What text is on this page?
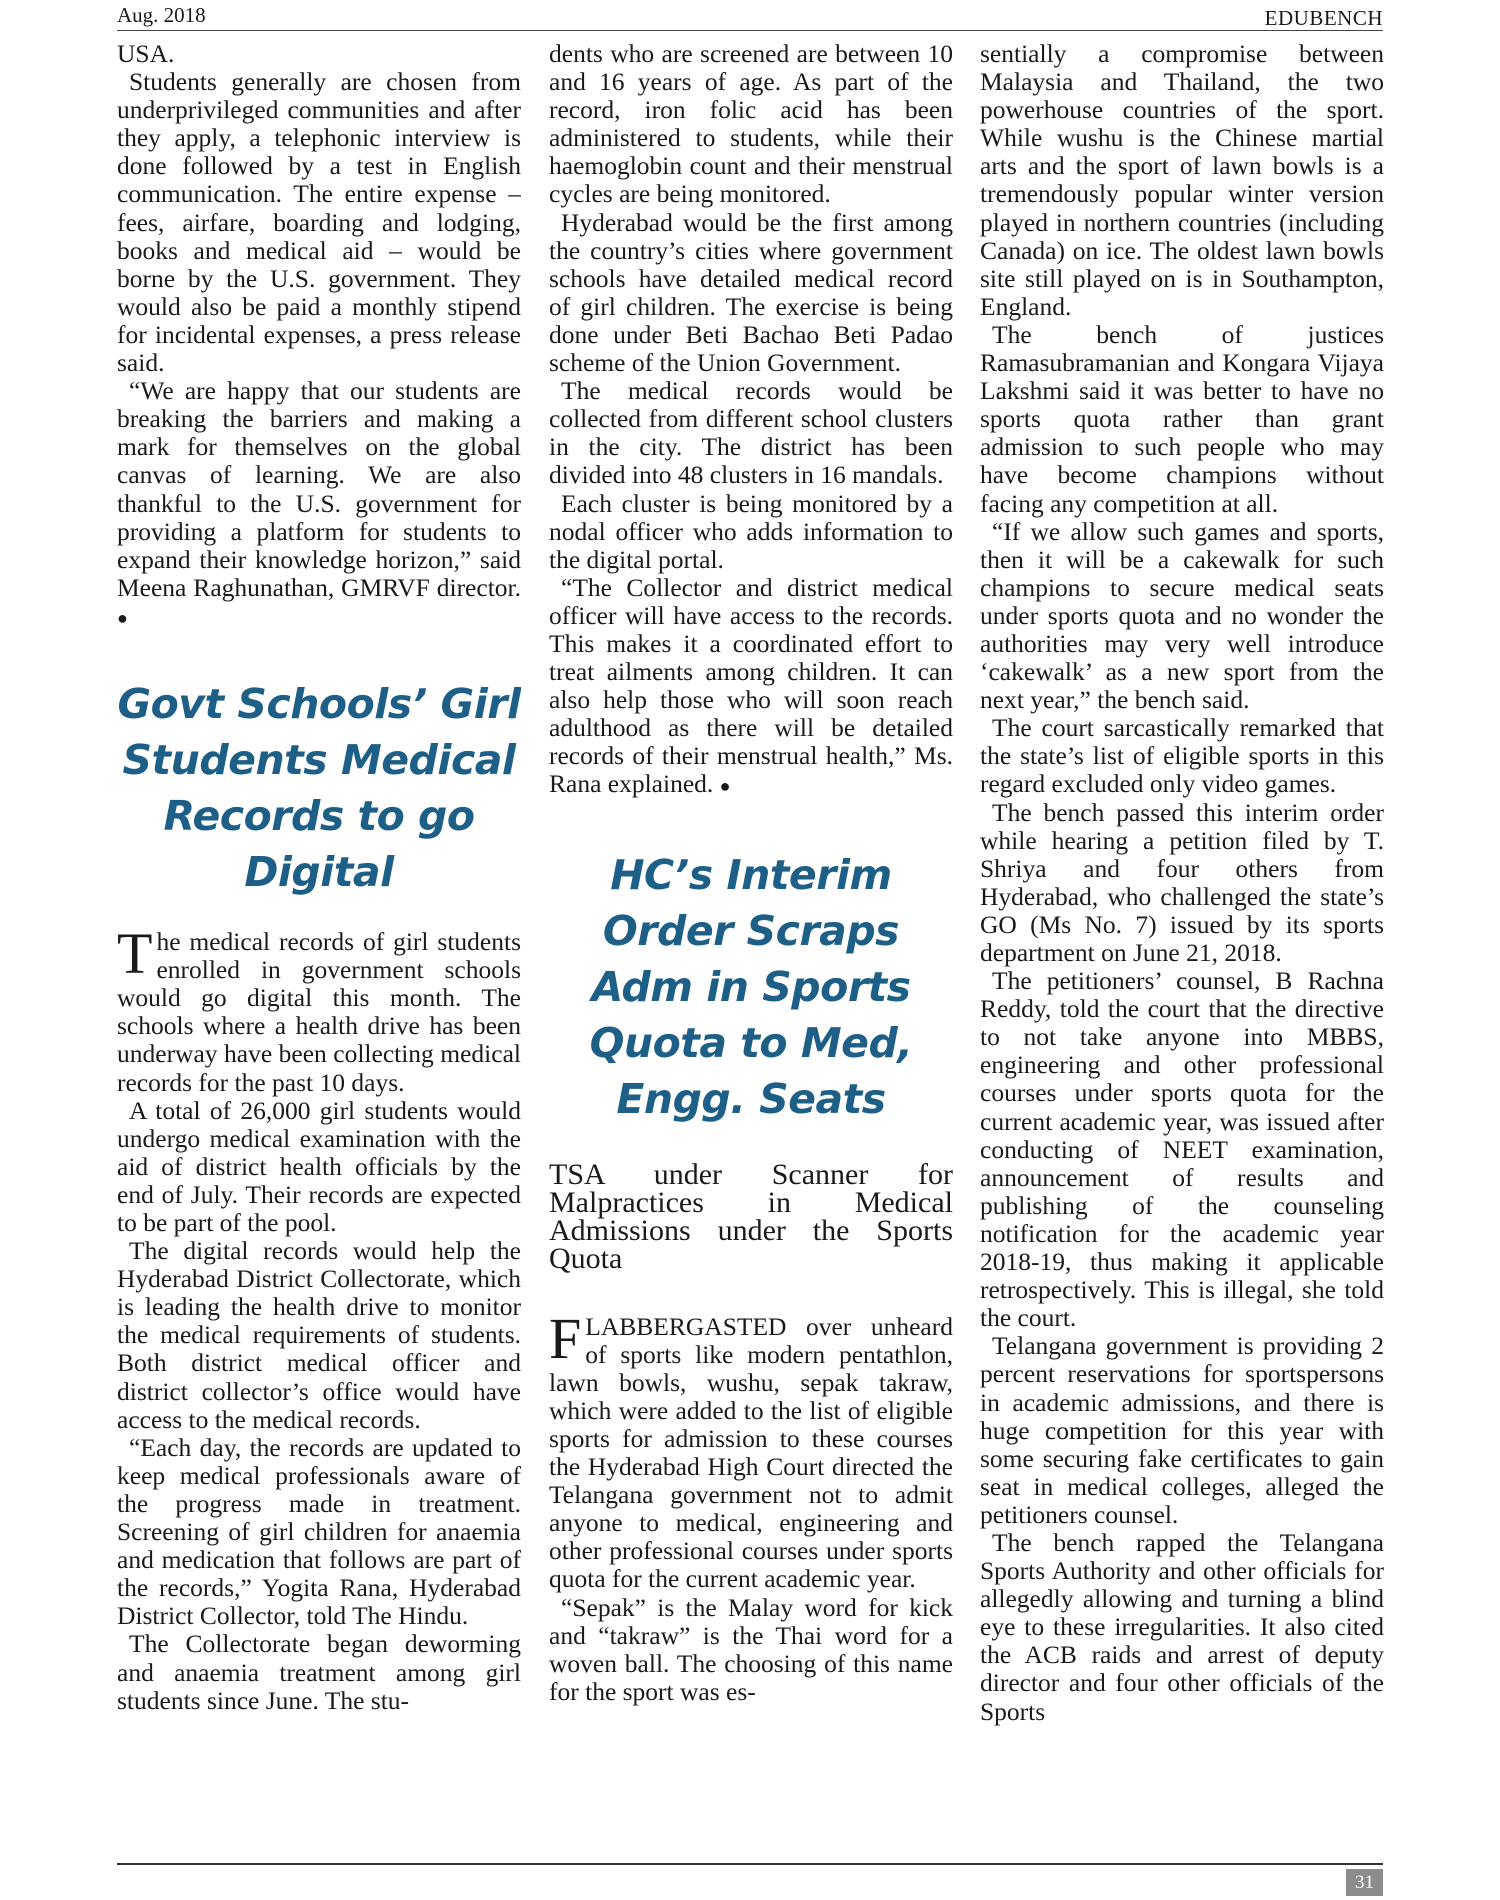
Aug. 2018	EDUBENCH

USA.

Students generally are chosen from underprivileged communities and after they apply, a telephonic interview is done followed by a test in English communication. The entire expense – fees, airfare, boarding and lodging, books and medical aid – would be borne by the U.S. government. They would also be paid a monthly stipend for incidental expenses, a press release said.

“We are happy that our students are breaking the barriers and making a mark for themselves on the global canvas of learning. We are also thankful to the U.S. government for providing a platform for students to expand their knowledge horizon,” said Meena Raghunathan, GMRVF director. ●

Govt Schools’ Girl Students Medical Records to go Digital

The medical records of girl students enrolled in government schools would go digital this month. The schools where a health drive has been underway have been collecting medical records for the past 10 days.

A total of 26,000 girl students would undergo medical examination with the aid of district health officials by the end of July. Their records are expected to be part of the pool.

The digital records would help the Hyderabad District Collectorate, which is leading the health drive to monitor the medical requirements of students. Both district medical officer and district collector’s office would have access to the medical records.

“Each day, the records are updated to keep medical professionals aware of the progress made in treatment. Screening of girl children for anaemia and medication that follows are part of the records,” Yogita Rana, Hyderabad District Collector, told The Hindu.

The Collectorate began deworming and anaemia treatment among girl students since June. The stu-

dents who are screened are between 10 and 16 years of age. As part of the record, iron folic acid has been administered to students, while their haemoglobin count and their menstrual cycles are being monitored.

Hyderabad would be the first among the country’s cities where government schools have detailed medical record of girl children. The exercise is being done under Beti Bachao Beti Padao scheme of the Union Government.

The medical records would be collected from different school clusters in the city. The district has been divided into 48 clusters in 16 mandals.

Each cluster is being monitored by a nodal officer who adds information to the digital portal.

“The Collector and district medical officer will have access to the records. This makes it a coordinated effort to treat ailments among children. It can also help those who will soon reach adulthood as there will be detailed records of their menstrual health,” Ms. Rana explained. ●

HC’s Interim Order Scraps Adm in Sports Quota to Med, Engg. Seats
TSA under Scanner for Malpractices in Medical Admissions under the Sports Quota

FLABBERGASTED over unheard of sports like modern pentathlon, lawn bowls, wushu, sepak takraw, which were added to the list of eligible sports for admission to these courses the Hyderabad High Court directed the Telangana government not to admit anyone to medical, engineering and other professional courses under sports quota for the current academic year.

“Sepak” is the Malay word for kick and “takraw” is the Thai word for a woven ball. The choosing of this name for the sport was es-

sentially a compromise between Malaysia and Thailand, the two powerhouse countries of the sport. While wushu is the Chinese martial arts and the sport of lawn bowls is a tremendously popular winter version played in northern countries (including Canada) on ice. The oldest lawn bowls site still played on is in Southampton, England.

The bench of justices Ramasubramanian and Kongara Vijaya Lakshmi said it was better to have no sports quota rather than grant admission to such people who may have become champions without facing any competition at all.

“If we allow such games and sports, then it will be a cakewalk for such champions to secure medical seats under sports quota and no wonder the authorities may very well introduce ‘cakewalk’ as a new sport from the next year,” the bench said.

The court sarcastically remarked that the state’s list of eligible sports in this regard excluded only video games.

The bench passed this interim order while hearing a petition filed by T. Shriya and four others from Hyderabad, who challenged the state’s GO (Ms No. 7) issued by its sports department on June 21, 2018.

The petitioners’ counsel, B Rachna Reddy, told the court that the directive to not take anyone into MBBS, engineering and other professional courses under sports quota for the current academic year, was issued after conducting of NEET examination, announcement of results and publishing of the counseling notification for the academic year 2018-19, thus making it applicable retrospectively. This is illegal, she told the court.

Telangana government is providing 2 percent reservations for sportspersons in academic admissions, and there is huge competition for this year with some securing fake certificates to gain seat in medical colleges, alleged the petitioners counsel.

The bench rapped the Telangana Sports Authority and other officials for allegedly allowing and turning a blind eye to these irregularities. It also cited the ACB raids and arrest of deputy director and four other officials of the Sports

31
